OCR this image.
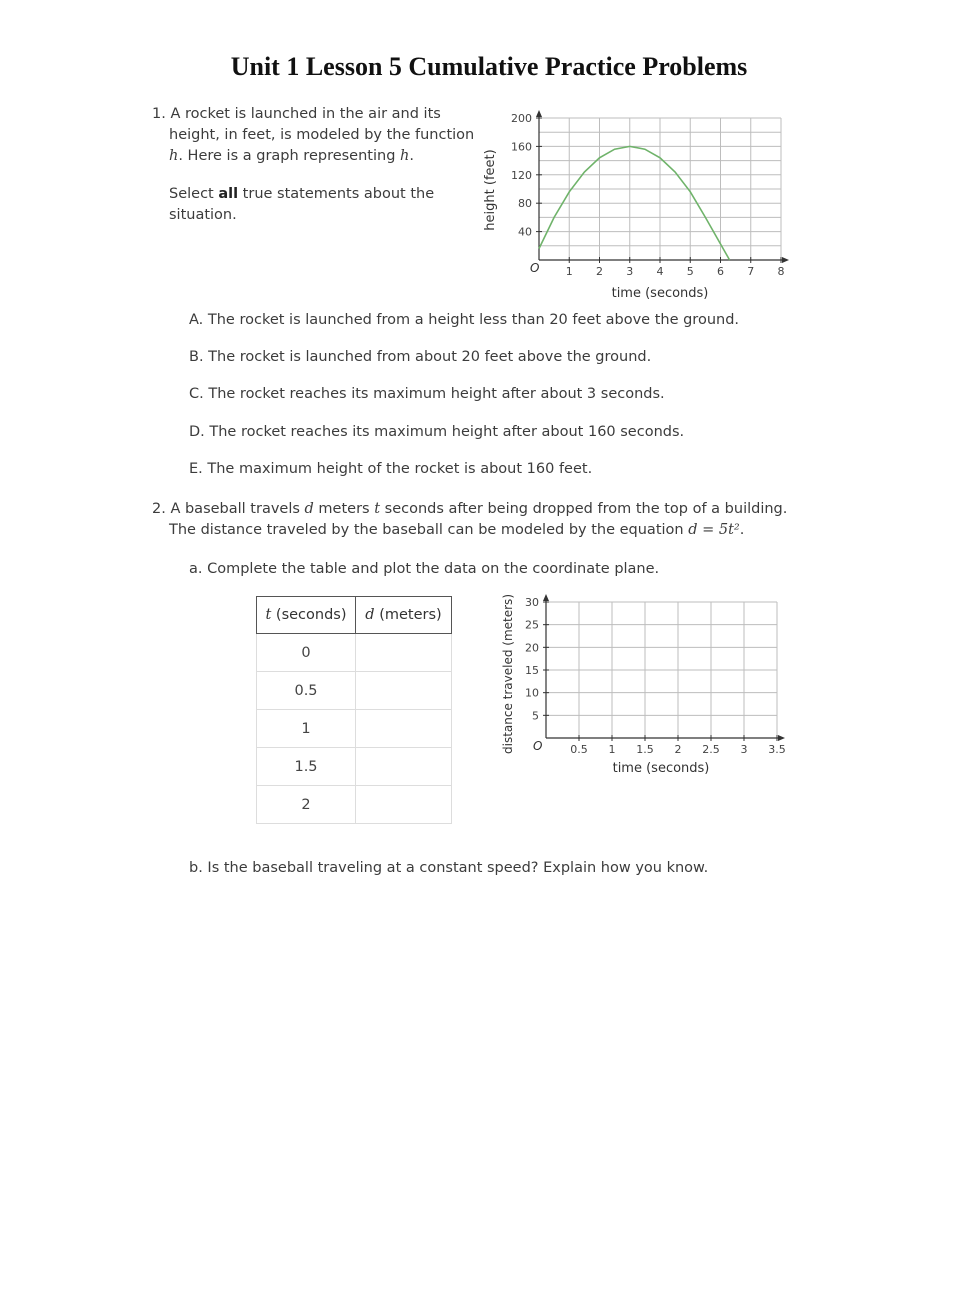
Unit 1 Lesson 5 Cumulative Practice Problems
1. A rocket is launched in the air and its
height, in feet, is modeled by the function
h. Here is a graph representing h.
Select all true statements about the
situation.
1 2 3 4 5 6 7 8
40
80
120
160
200
O
time (seconds)
height (feet)
A. The rocket is launched from a height less than 20 feet above the ground.
B. The rocket is launched from about 20 feet above the ground.
C. The rocket reaches its maximum height after about 3 seconds.
D. The rocket reaches its maximum height after about 160 seconds.
E. The maximum height of the rocket is about 160 feet.
2. A baseball travels d meters t seconds after being dropped from the top of a building.
The distance traveled by the baseball can be modeled by the equation d = 5t².
a. Complete the table and plot the data on the coordinate plane.
t (seconds)	d (meters)
0	
0.5	
1	
1.5	
2	
0.5 1 1.5 2 2.5 3 3.5
5
10
15
20
25
30
O
time (seconds)
distance traveled (meters)
b. Is the baseball traveling at a constant speed? Explain how you know.
